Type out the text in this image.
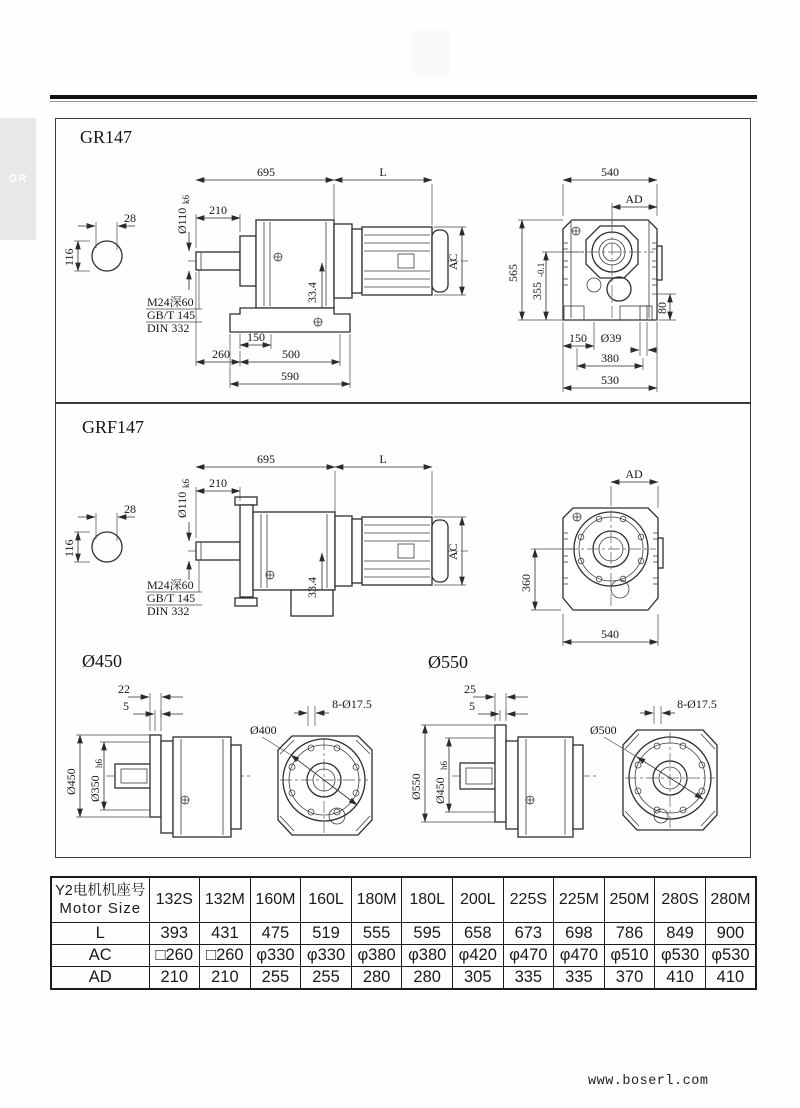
GR
GR147
28
116
Ø110
k6
210
695	L
AC
33.4
M24深60
GB/T 145
DIN 332
150
260	500
590
540
AD
565
355
-0.1
80
150 Ø39
380
530
GRF147
28
116
Ø110
k6 210
695	L
AC
33.4
M24深60
GB/T 145
DIN 332
AD
360
540
Ø450
22
5
Ø450 Ø350
h6
Ø400
8-Ø17.5
Ø550
25
5
Ø550 Ø450
h6
Ø500
8-Ø17.5
Y2电机机座号
Motor Size	132S	132M	160M	160L	180M	180L	200L	225S	225M	250M	280S	280M
L	393	431	475	519	555	595	658	673	698	786	849	900
AC	□260	□260	φ330	φ330	φ380	φ380	φ420	φ470	φ470	φ510	φ530	φ530
AD	210	210	255	255	280	280	305	335	335	370	410	410
www.boserl.com
